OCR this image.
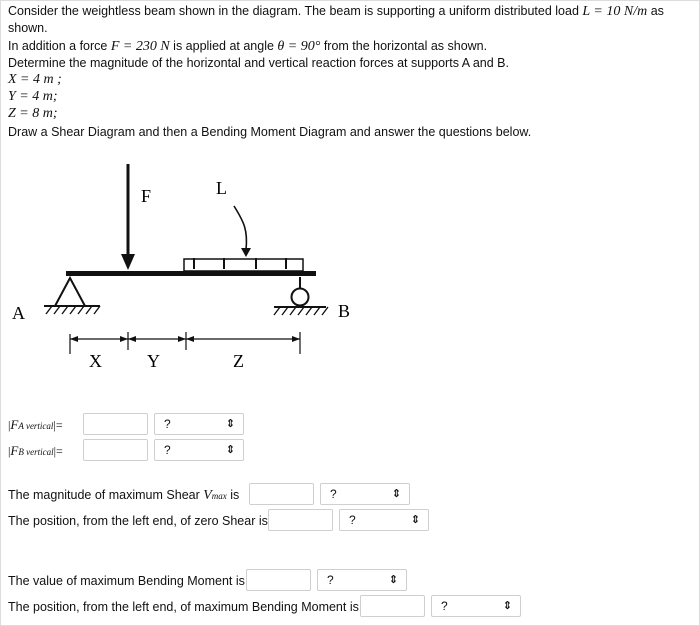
Consider the weightless beam shown in the diagram. The beam is supporting a uniform distributed load L = 10 N/m as
shown.
In addition a force F = 230 N is applied at angle θ = 90° from the horizontal as shown.
Determine the magnitude of the horizontal and vertical reaction forces at supports A and B.
X = 4 m ;
Y = 4 m;
Z = 8 m;
Draw a Shear Diagram and then a Bending Moment Diagram and answer the questions below.
F	L
A	B
X	Y	Z
|FA vertical|=	?	⇕
|FB vertical|=	?	⇕
The magnitude of maximum Shear Vmax is	?	⇕
The position, from the left end, of zero Shear is	?	⇕
The value of maximum Bending Moment is	?	⇕
The position, from the left end, of maximum Bending Moment is	?	⇕
